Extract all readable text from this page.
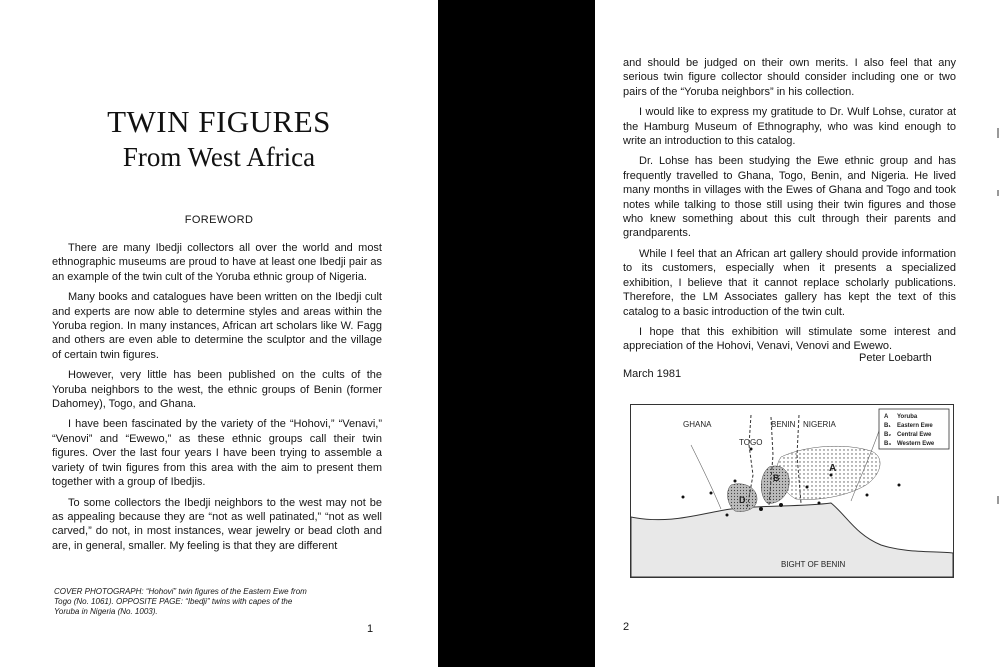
TWIN FIGURES
From West Africa
FOREWORD

There are many Ibedji collectors all over the world and most ethnographic museums are proud to have at least one Ibedji pair as an example of the twin cult of the Yoruba ethnic group of Nigeria.

Many books and catalogues have been written on the Ibedji cult and experts are now able to determine styles and areas within the Yoruba region. In many instances, African art scholars like W. Fagg and others are even able to determine the sculptor and the village of certain twin figures.

However, very little has been published on the cults of the Yoruba neighbors to the west, the ethnic groups of Benin (former Dahomey), Togo, and Ghana.

I have been fascinated by the variety of the “Hohovi,” “Venavi,” “Venovi” and “Ewewo,” as these ethnic groups call their twin figures. Over the last four years I have been trying to assemble a variety of twin figures from this area with the aim to present them together with a group of Ibedjis.

To some collectors the Ibedji neighbors to the west may not be as appealing because they are “not as well patinated,” “not as well carved,” do not, in most instances, wear jewelry or bead cloth and are, in general, smaller. My feeling is that they are different

COVER PHOTOGRAPH: “Hohovi” twin figures of the Eastern Ewe from Togo (No. 1061). OPPOSITE PAGE: “Ibedji” twins with capes of the Yoruba in Nigeria (No. 1003).
1

and should be judged on their own merits. I also feel that any serious twin figure collector should consider including one or two pairs of the “Yoruba neighbors” in his collection.

I would like to express my gratitude to Dr. Wulf Lohse, curator at the Hamburg Museum of Ethnography, who was kind enough to write an introduction to this catalog.

Dr. Lohse has been studying the Ewe ethnic group and has frequently travelled to Ghana, Togo, Benin, and Nigeria. He lived many months in villages with the Ewes of Ghana and Togo and took notes while talking to those still using their twin figures and those who knew something about this cult through their parents and grandparents.

While I feel that an African art gallery should provide information to its customers, especially when it presents a specialized exhibition, I believe that it cannot replace scholarly publications. Therefore, the LM Associates gallery has kept the text of this catalog to a basic introduction of the twin cult.

I hope that this exhibition will stimulate some interest and appreciation of the Hohovi, Venavi, Venovi and Ewewo.

Peter Loebarth
March 1981
GHANA
TOGO
BENIN NIGERIA
BIGHT OF BENIN
A
B
D
A Yoruba
B₁ Eastern Ewe
B₂ Central Ewe
B₃ Western Ewe
2
